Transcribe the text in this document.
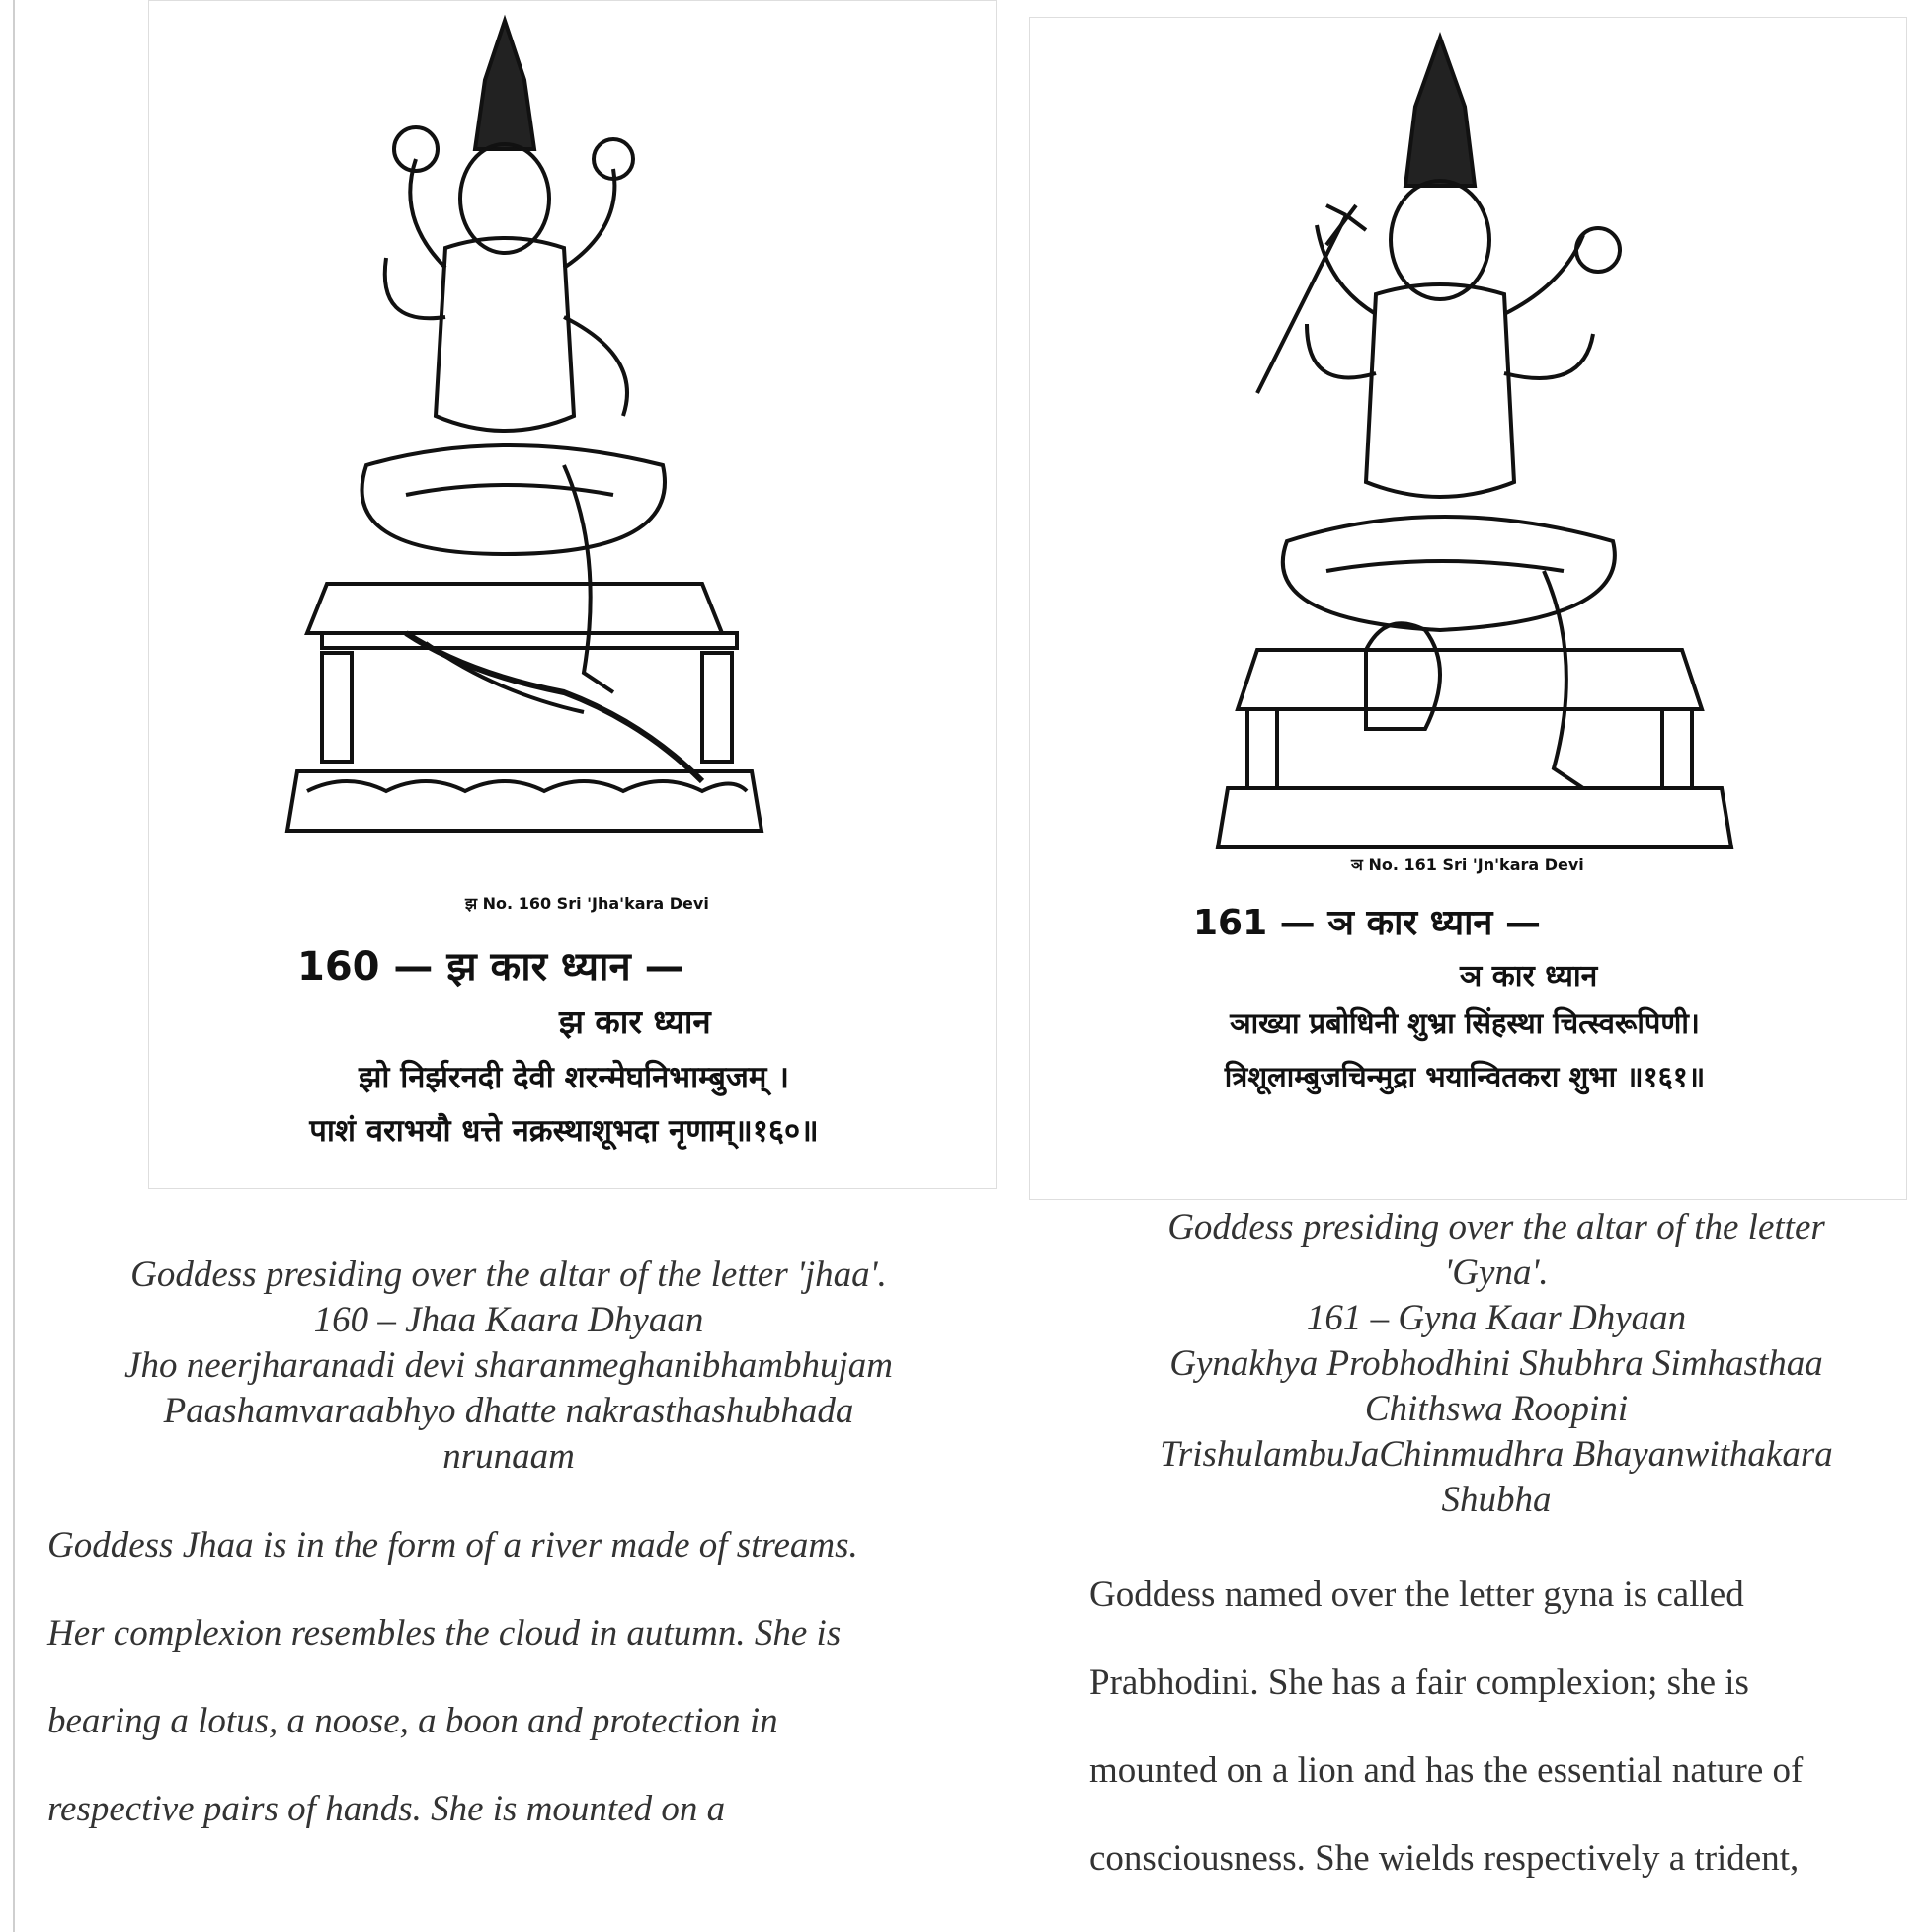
झ No. 160 Sri 'Jha'kara Devi
160 — झ कार ध्यान —
झ कार ध्यान
झो निर्झरनदी देवी शरन्मेघनिभाम्बुजम् ।
पाशं वराभयौ धत्ते नक्रस्थाशूभदा नृणाम्॥१६०॥
Goddess presiding over the altar of the letter 'jhaa'.
160 – Jhaa Kaara Dhyaan
Jho neerjharanadi devi sharanmeghanibhambhujam
Paashamvaraabhyo dhatte nakrasthashubhada
nrunaam
Goddess Jhaa is in the form of a river made of streams.
Her complexion resembles the cloud in autumn. She is
bearing a lotus, a noose, a boon and protection in
respective pairs of hands. She is mounted on a
ञ No. 161 Sri 'Jn'kara Devi
161 — ञ कार ध्यान —
ञ कार ध्यान
ञाख्या प्रबोधिनी शुभ्रा सिंहस्था चित्स्वरूपिणी।
त्रिशूलाम्बुजचिन्मुद्रा भयान्वितकरा शुभा ॥१६१॥
Goddess presiding over the altar of the letter
'Gyna'.
161 – Gyna Kaar Dhyaan
Gynakhya Probhodhini Shubhra Simhasthaa
Chithswa Roopini
TrishulambuJaChinmudhra Bhayanwithakara
Shubha
Goddess named over the letter gyna is called
Prabhodini. She has a fair complexion; she is
mounted on a lion and has the essential nature of
consciousness. She wields respectively a trident,
